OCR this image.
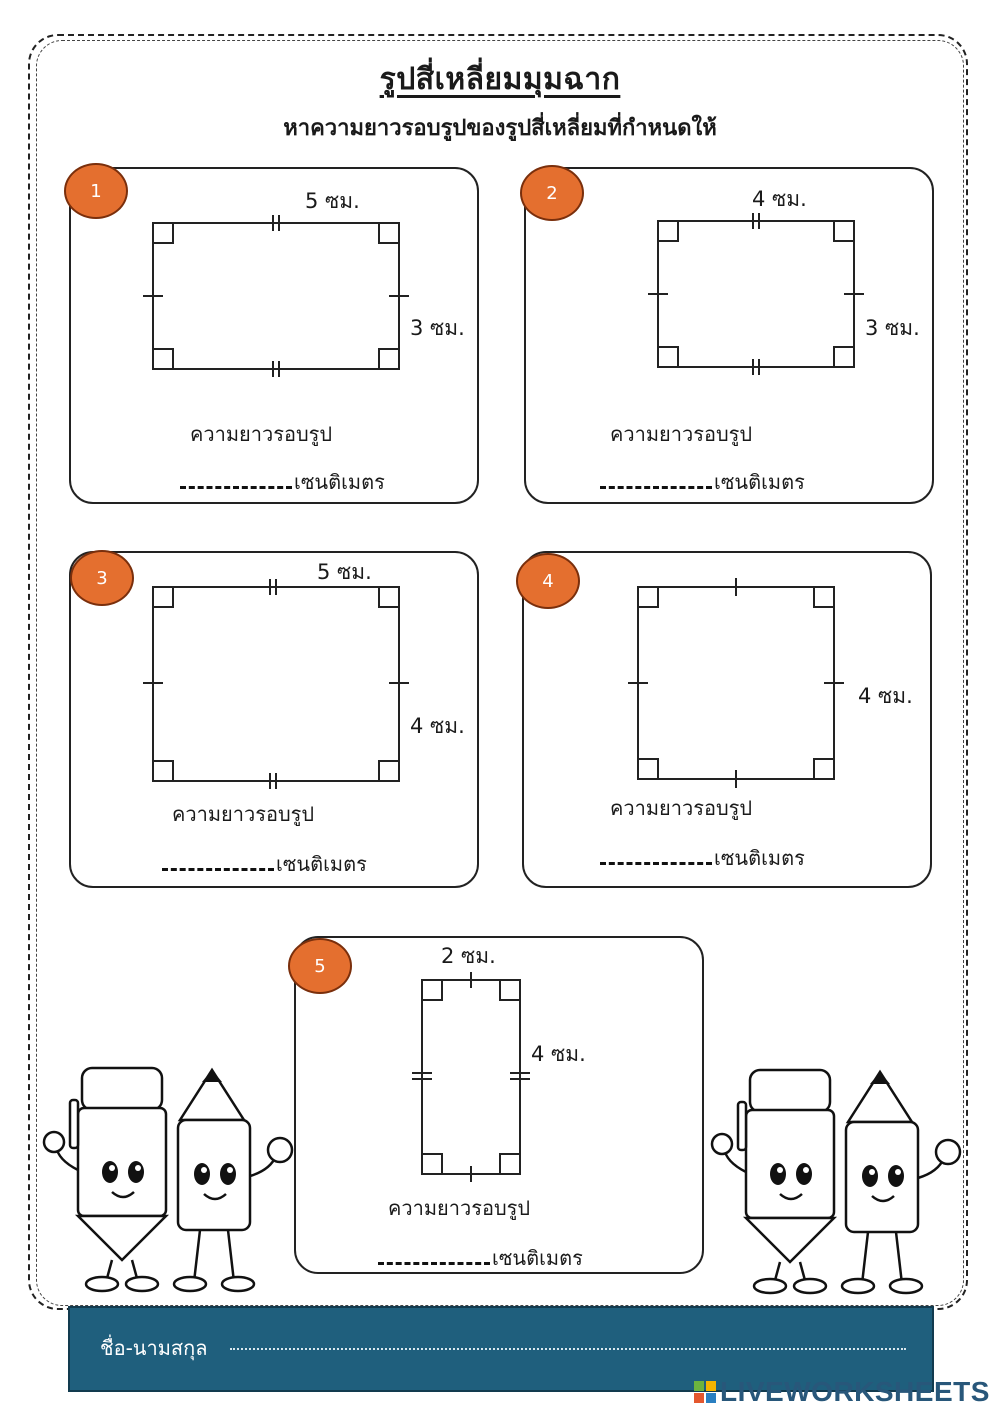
รูปสี่เหลี่ยมมุมฉาก
หาความยาวรอบรูปของรูปสี่เหลี่ยมที่กำหนดให้
1	5 ซม.
3 ซม.
ความยาวรอบรูป
เซนติเมตร
2	4 ซม.
3 ซม.
ความยาวรอบรูป
เซนติเมตร
3	5 ซม.
4 ซม.
ความยาวรอบรูป
เซนติเมตร
4
4 ซม.
ความยาวรอบรูป
เซนติเมตร
5	2 ซม.
4 ซม.
ความยาวรอบรูป
เซนติเมตร
ชื่อ-นามสกุล
LIVEWORKSHEETS
